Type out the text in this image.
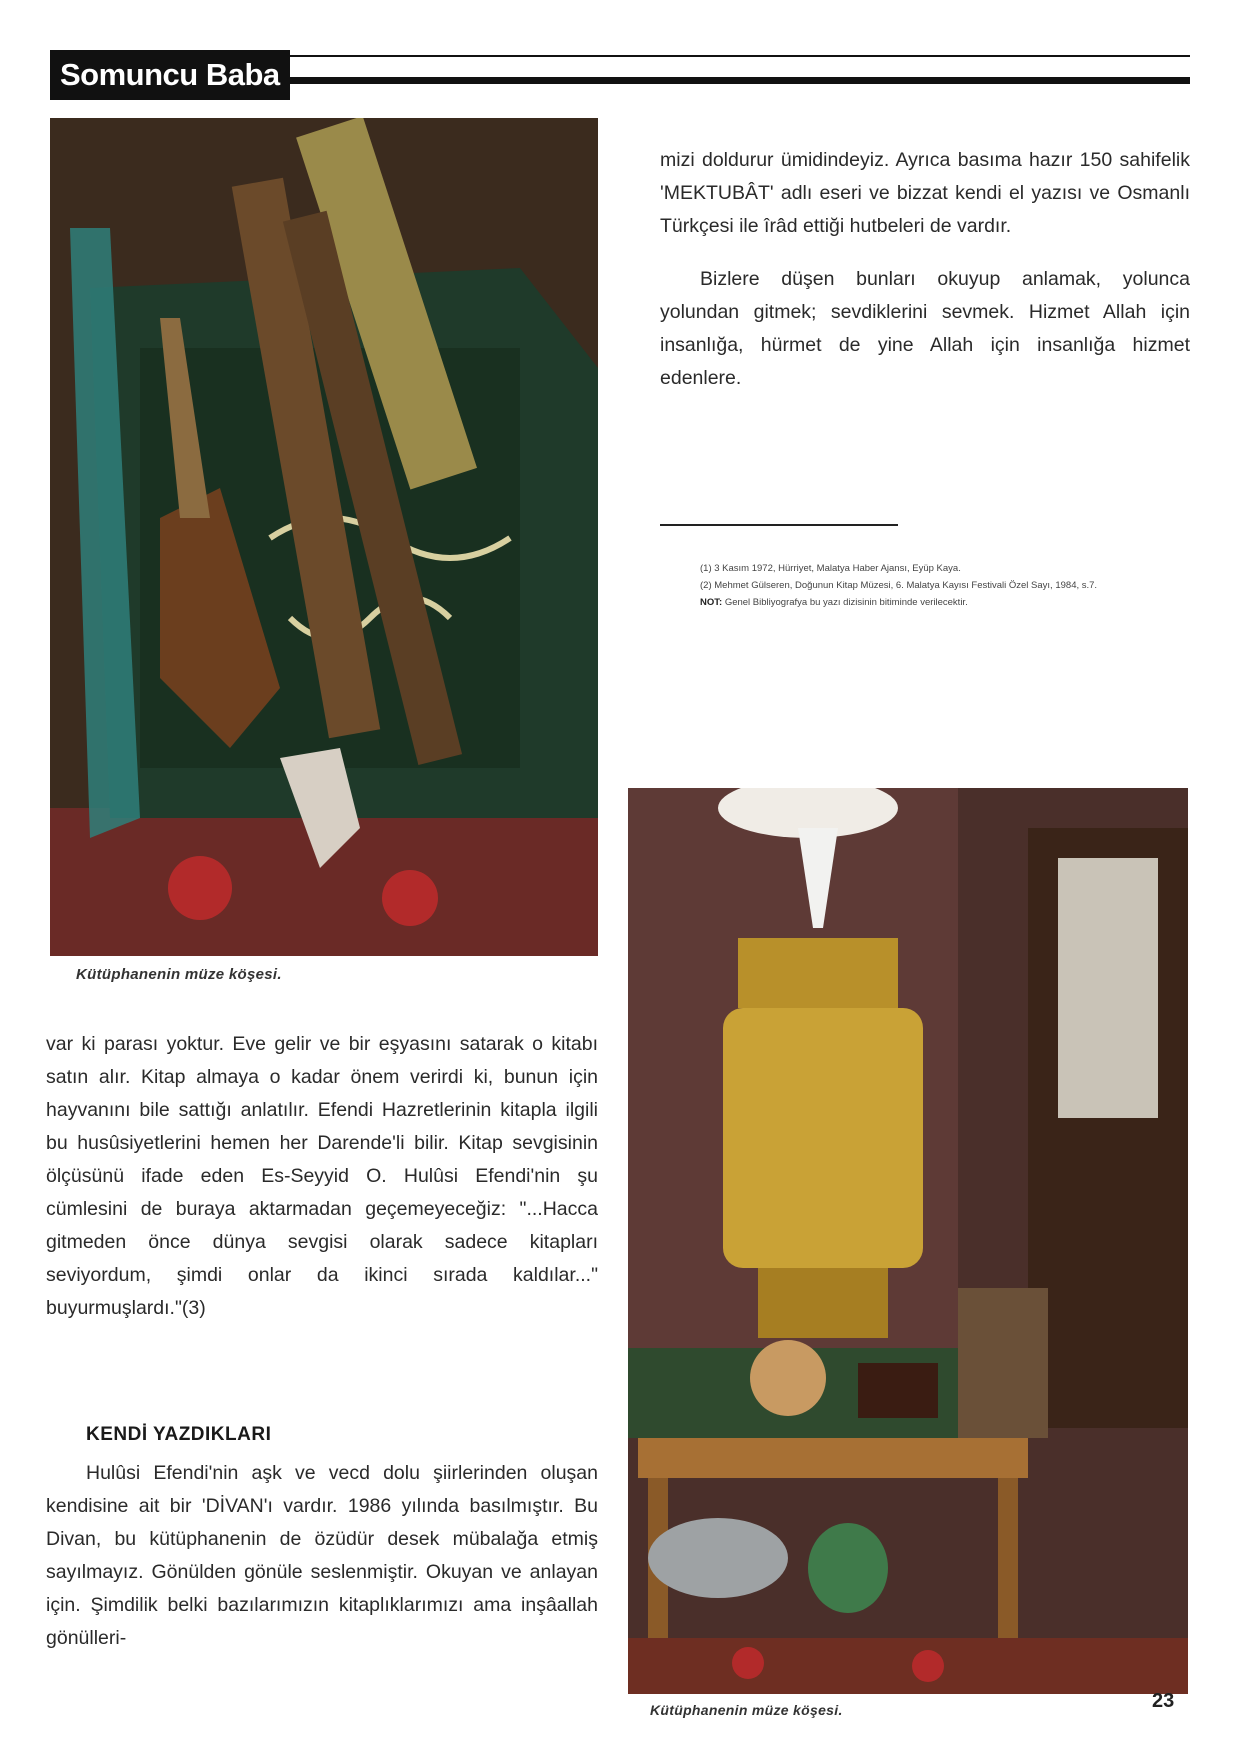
Somuncu Baba
Kütüphanenin müze köşesi.

mizi doldurur ümidindeyiz. Ayrıca basıma hazır 150 sahifelik 'MEKTUBÂT' adlı eseri ve bizzat kendi el yazısı ve Osmanlı Türkçesi ile îrâd ettiği hutbeleri de vardır.

Bizlere düşen bunları okuyup anlamak, yolunca yolundan gitmek; sevdiklerini sevmek. Hizmet Allah için insanlığa, hürmet de yine Allah için insanlığa hizmet edenlere.

(1) 3 Kasım 1972, Hürriyet, Malatya Haber Ajansı, Eyüp Kaya.

(2) Mehmet Gülseren, Doğunun Kitap Müzesi, 6. Malatya Kayısı Festivali Özel Sayı, 1984, s.7.

NOT: Genel Bibliyografya bu yazı dizisinin bitiminde verilecektir.

Kütüphanenin müze köşesi.

var ki parası yoktur. Eve gelir ve bir eşyasını satarak o kitabı satın alır. Kitap almaya o kadar önem verirdi ki, bunun için hayvanını bile sattığı anlatılır. Efendi Hazretlerinin kitapla ilgili bu husûsiyetlerini hemen her Darende'li bilir. Kitap sevgisinin ölçüsünü ifade eden Es-Seyyid O. Hulûsi Efendi'nin şu cümlesini de buraya aktarmadan geçemeyeceğiz: "...Hacca gitmeden önce dünya sevgisi olarak sadece kitapları seviyordum, şimdi onlar da ikinci sırada kaldılar..." buyurmuşlardı."(3)

KENDİ YAZDIKLARI

Hulûsi Efendi'nin aşk ve vecd dolu şiirlerinden oluşan kendisine ait bir 'DİVAN'ı vardır. 1986 yılında basılmıştır. Bu Divan, bu kütüphanenin de özüdür desek mübalağa etmiş sayılmayız. Gönülden gönüle seslenmiştir. Okuyan ve anlayan için. Şimdilik belki bazılarımızın kitaplıklarımızı ama inşâallah gönülleri-

23
